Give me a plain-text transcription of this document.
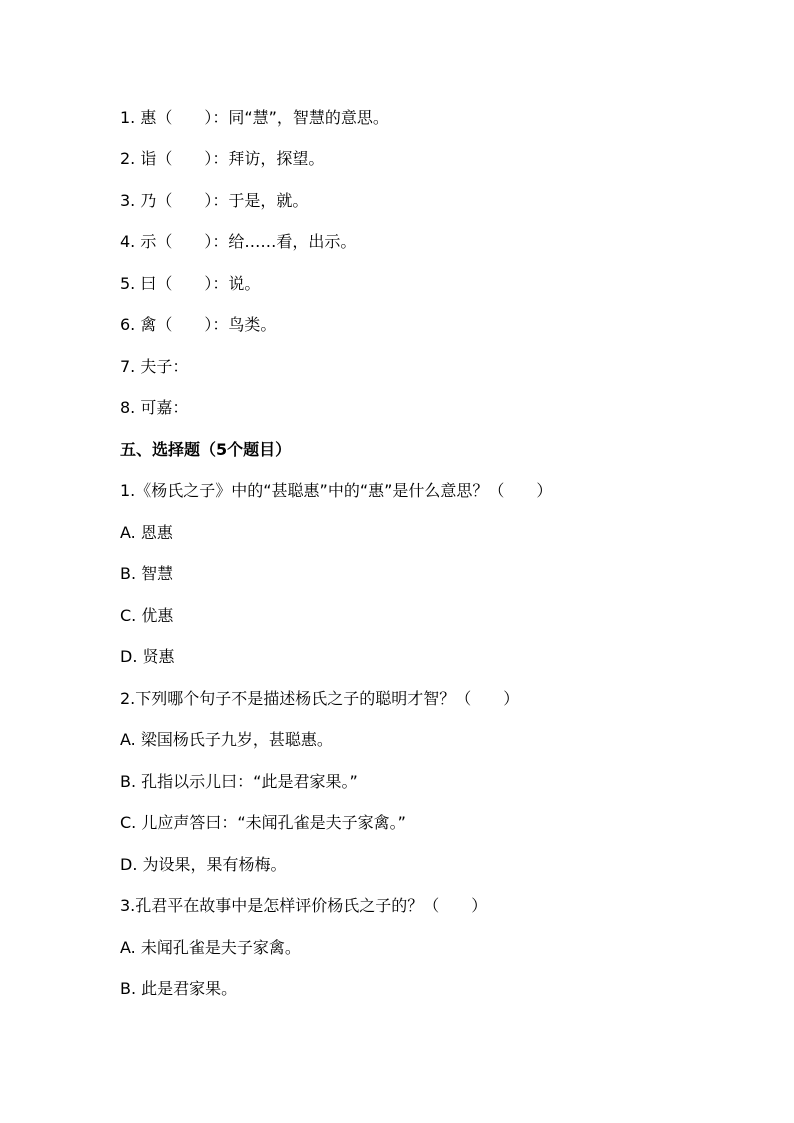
1. 惠（　　）：同“慧”，智慧的意思。
2. 诣（　　）：拜访，探望。
3. 乃（　　）：于是，就。
4. 示（　　）：给……看，出示。
5. 曰（　　）：说。
6. 禽（　　）：鸟类。
7. 夫子：
8. 可嘉：
五、选择题（5个题目）
1.《杨氏之子》中的“甚聪惠”中的“惠”是什么意思？（　　）
A. 恩惠
B. 智慧
C. 优惠
D. 贤惠
2.下列哪个句子不是描述杨氏之子的聪明才智？（　　）
A. 梁国杨氏子九岁，甚聪惠。
B. 孔指以示儿曰：“此是君家果。”
C. 儿应声答曰：“未闻孔雀是夫子家禽。”
D. 为设果，果有杨梅。
3.孔君平在故事中是怎样评价杨氏之子的？（　　）
A. 未闻孔雀是夫子家禽。
B. 此是君家果。
